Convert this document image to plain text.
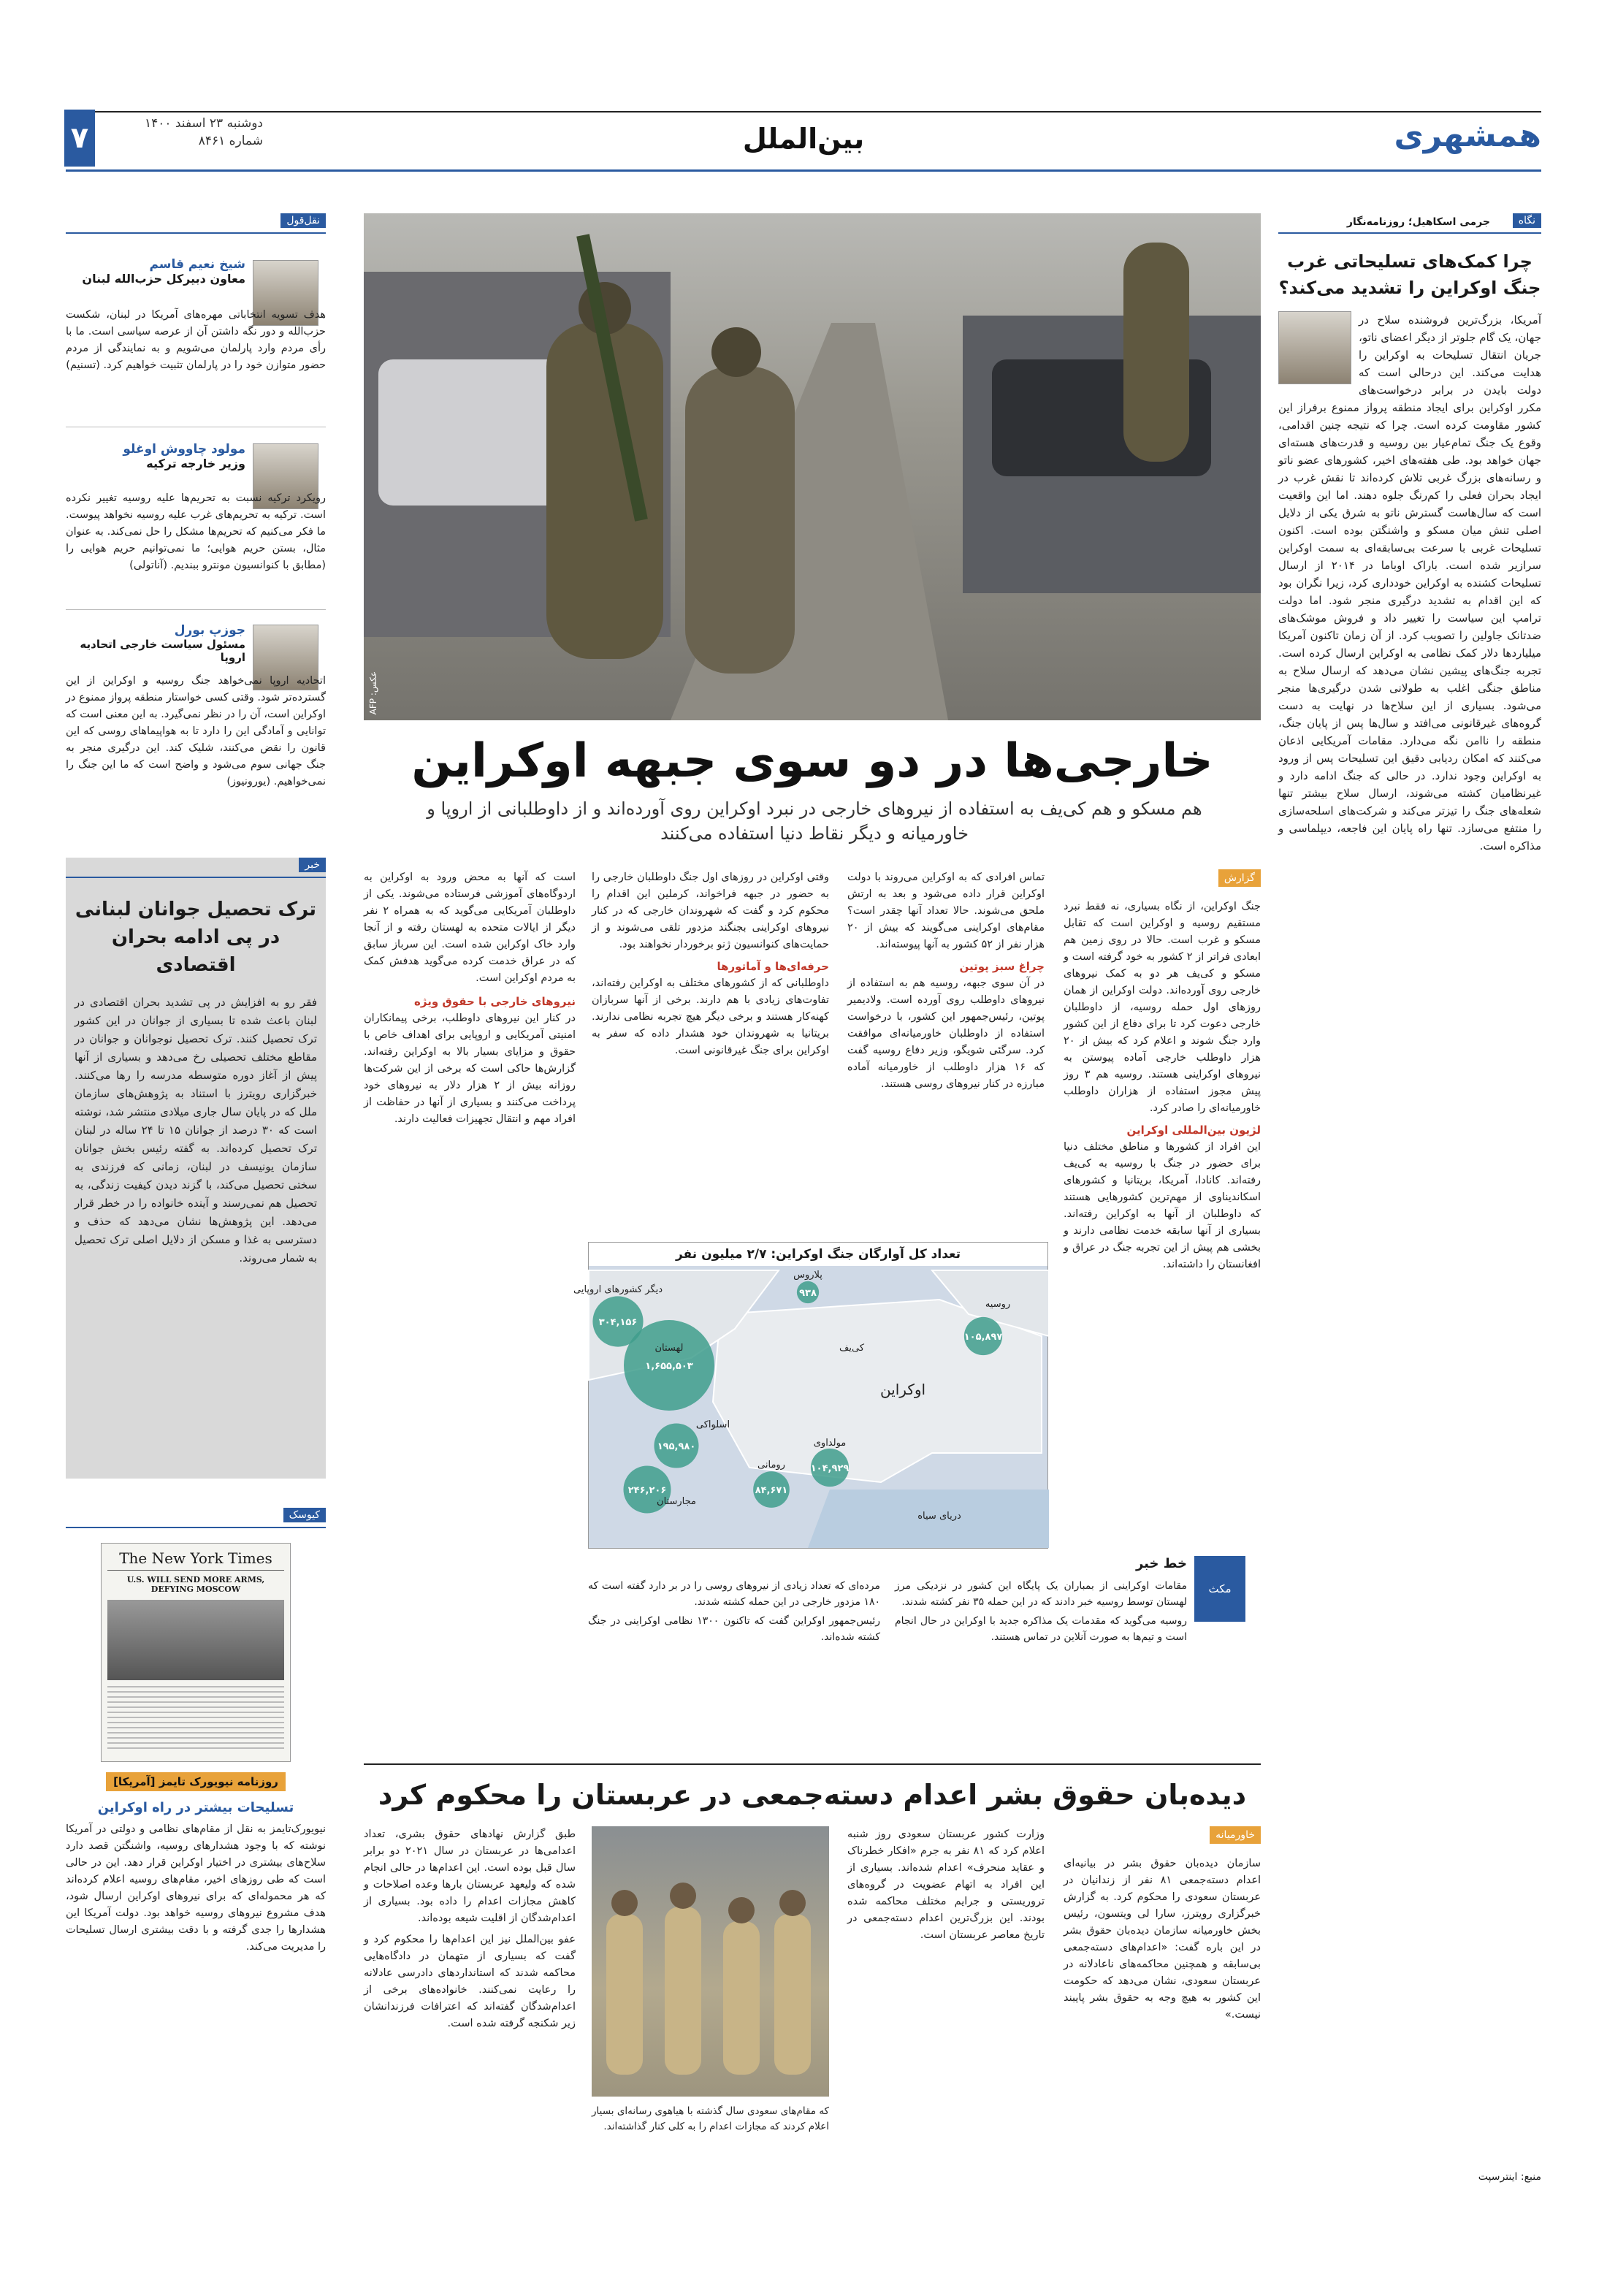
۷	دوشنبه ۲۳ اسفند ۱۴۰۰
شماره ۸۴۶۱	بین‌الملل	همشهری
نقل‌قول
شیخ نعیم قاسم
معاون دبیرکل حزب‌الله لبنان

هدف تسویه انتخاباتی مهره‌های آمریکا در لبنان، شکست حزب‌الله و دور نگه داشتن آن از عرصه سیاسی است. ما با رأی مردم وارد پارلمان می‌شویم و به نمایندگی از مردم حضور متوازن خود را در پارلمان تثبیت خواهیم کرد. (تسنیم)

مولود چاووش اوغلو
وزیر خارجه ترکیه

رویکرد ترکیه نسبت به تحریم‌ها علیه روسیه تغییر نکرده است. ترکیه به تحریم‌های غرب علیه روسیه نخواهد پیوست. ما فکر می‌کنیم که تحریم‌ها مشکل را حل نمی‌کند. به عنوان مثال، بستن حریم هوایی؛ ما نمی‌توانیم حریم هوایی را (مطابق با کنوانسیون مونترو ببندیم. (آناتولی)

جوزپ بورل
مسئول سیاست خارجی اتحادیه اروپا

اتحادیه اروپا نمی‌خواهد جنگ روسیه و اوکراین از این گسترده‌تر شود. وقتی کسی خواستار منطقه پرواز ممنوع در اوکراین است، آن را در نظر نمی‌گیرد. به این معنی است که توانایی و آمادگی این را دارد تا به هواپیماهای روسی که این قانون را نقض می‌کنند، شلیک کند. این درگیری منجر به جنگ جهانی سوم می‌شود و واضح است که ما این جنگ را نمی‌خواهیم. (یورونیوز)

خبر
ترک تحصیل جوانان لبنانی در پی ادامه بحران اقتصادی

فقر رو به افزایش در پی تشدید بحران اقتصادی در لبنان باعث شده تا بسیاری از جوانان در این کشور ترک تحصیل کنند. ترک تحصیل نوجوانان و جوانان در مقاطع مختلف تحصیلی رخ می‌دهد و بسیاری از آنها پیش از آغاز دوره متوسطه مدرسه را رها می‌کنند. خبرگزاری رویترز با استناد به پژوهش‌های سازمان ملل که در پایان سال جاری میلادی منتشر شد، نوشته است که ۳۰ درصد از جوانان ۱۵ تا ۲۴ ساله در لبنان ترک تحصیل کرده‌اند. به گفته رئیس بخش جوانان سازمان یونیسف در لبنان، زمانی که فرزندی به سختی تحصیل می‌کند، با گزند دیدن کیفیت زندگی، به تحصیل هم نمی‌رسند و آینده خانواده را در خطر قرار می‌دهد. این پژوهش‌ها نشان می‌دهد که حذف و دسترسی به غذا و مسکن از دلایل اصلی ترک تحصیل به شمار می‌روند.

کیوسک
The New York Times
U.S. WILL SEND MORE ARMS, DEFYING MOSCOW
روزنامه نیویورک تایمز [آمریکا]
تسلیحات بیشتر در راه اوکراین

نیویورک‌تایمز به نقل از مقام‌های نظامی و دولتی در آمریکا نوشته که با وجود هشدارهای روسیه، واشنگتن قصد دارد سلاح‌های بیشتری در اختیار اوکراین قرار دهد. این در حالی است که طی روزهای اخیر، مقام‌های روسیه اعلام کرده‌اند که هر محموله‌ای که برای نیروهای اوکراین ارسال شود، هدف مشروع نیروهای روسیه خواهد بود. دولت آمریکا این هشدارها را جدی گرفته و با دقت بیشتری ارسال تسلیحات را مدیریت می‌کند.

عکس: AFP
خارجی‌ها در دو سوی جبهه اوکراین
هم مسکو و هم کی‌یف به استفاده از نیروهای خارجی در نبرد اوکراین روی آورده‌اند و از داوطلبانی از اروپا و خاورمیانه و دیگر نقاط دنیا استفاده می‌کنند
گزارش

جنگ اوکراین، از نگاه بسیاری، نه فقط نبرد مستقیم روسیه و اوکراین است که تقابل مسکو و غرب است. حالا در روی زمین هم ابعادی فراتر از ۲ کشور به خود گرفته است و مسکو و کی‌یف هر دو به کمک نیروهای خارجی روی آورده‌اند. دولت اوکراین از همان روزهای اول حمله روسیه، از داوطلبان خارجی دعوت کرد تا برای دفاع از این کشور وارد جنگ شوند و اعلام کرد که بیش از ۲۰ هزار داوطلب خارجی آماده پیوستن به نیروهای اوکراینی هستند. روسیه هم ۳ روز پیش مجوز استفاده از هزاران داوطلب خاورمیانه‌ای را صادر کرد.

لژیون بین‌المللی اوکراین

این افراد از کشورها و مناطق مختلف دنیا برای حضور در جنگ با روسیه به کی‌یف رفته‌اند. کانادا، آمریکا، بریتانیا و کشورهای اسکاندیناوی از مهم‌ترین کشورهایی هستند که داوطلبان از آنها به اوکراین رفته‌اند. بسیاری از آنها سابقه خدمت نظامی دارند و بخشی هم پیش از این تجربه جنگ در عراق و افغانستان را داشته‌اند.

تماس افرادی که به اوکراین می‌روند با دولت اوکراین قرار داده می‌شود و بعد به ارتش ملحق می‌شوند. حالا تعداد آنها چقدر است؟ مقام‌های اوکراینی می‌گویند که بیش از ۲۰ هزار نفر از ۵۲ کشور به آنها پیوسته‌اند.

چراغ سبز پوتین

در آن سوی جبهه، روسیه هم به استفاده از نیروهای داوطلب روی آورده است. ولادیمیر پوتین، رئیس‌جمهور این کشور، با درخواست استفاده از داوطلبان خاورمیانه‌ای موافقت کرد. سرگئی شویگو، وزیر دفاع روسیه گفت که ۱۶ هزار داوطلب از خاورمیانه آماده مبارزه در کنار نیروهای روسی هستند.

وقتی اوکراین در روزهای اول جنگ داوطلبان خارجی را به حضور در جبهه فراخواند، کرملین این اقدام را محکوم کرد و گفت که شهروندان خارجی که در کنار نیروهای اوکراینی بجنگند مزدور تلقی می‌شوند و از حمایت‌های کنوانسیون ژنو برخوردار نخواهند بود.

حرفه‌ای‌ها و آماتورها

داوطلبانی که از کشورهای مختلف به اوکراین رفته‌اند، تفاوت‌های زیادی با هم دارند. برخی از آنها سربازان کهنه‌کار هستند و برخی دیگر هیچ تجربه نظامی ندارند. بریتانیا به شهروندان خود هشدار داده که سفر به اوکراین برای جنگ غیرقانونی است.

است که آنها به محض ورود به اوکراین به اردوگاه‌های آموزشی فرستاده می‌شوند. یکی از داوطلبان آمریکایی می‌گوید که به همراه ۲ نفر دیگر از ایالات متحده به لهستان رفته و از آنجا وارد خاک اوکراین شده است. این سرباز سابق که در عراق خدمت کرده می‌گوید هدفش کمک به مردم اوکراین است.

نیروهای خارجی با حقوق ویژه

در کنار این نیروهای داوطلب، برخی پیمانکاران امنیتی آمریکایی و اروپایی برای اهداف خاص با حقوق و مزایای بسیار بالا به اوکراین رفته‌اند. گزارش‌ها حاکی است که برخی از این شرکت‌ها روزانه بیش از ۲ هزار دلار به نیروهای خود پرداخت می‌کنند و بسیاری از آنها در حفاظت از افراد مهم و انتقال تجهیزات فعالیت دارند.

تعداد کل آوارگان جنگ اوکراین: ۲/۷ میلیون نفر
۱,۶۵۵,۵۰۳
۱۰۵,۸۹۷
۹۳۸
۲۴۶,۲۰۶
۱۹۵,۹۸۰
۸۴,۶۷۱
۱۰۴,۹۲۹
۳۰۴,۱۵۶
روسیه
لهستان
پلاروس
اوکراین
کی‌یف
مولداوی
رومانی
مجارستان
اسلواکی
دیگر کشورهای اروپایی
دریای سیاه
مکث
خط خبر

مقامات اوکراینی از بمباران یک پایگاه این کشور در نزدیکی مرز لهستان توسط روسیه خبر دادند که در این حمله ۳۵ نفر کشته شدند.

مرده‌ای که تعداد زیادی از نیروهای روسی را در بر دارد گفته است که ۱۸۰ مزدور خارجی در این حمله کشته شدند.

روسیه می‌گوید که مقدمات یک مذاکره جدید با اوکراین در حال انجام است و تیم‌ها به صورت آنلاین در تماس هستند.

رئیس‌جمهور اوکراین گفت که تاکنون ۱۳۰۰ نظامی اوکراینی در جنگ کشته شده‌اند.

نگاه
جرمی اسکاهیل؛ روزنامه‌نگار
چرا کمک‌های تسلیحاتی غرب جنگ اوکراین را تشدید می‌کند؟

آمریکا، بزرگ‌ترین فروشنده سلاح در جهان، یک گام جلوتر از دیگر اعضای ناتو، جریان انتقال تسلیحات به اوکراین را هدایت می‌کند. این درحالی است که دولت بایدن در برابر درخواست‌های مکرر اوکراین برای ایجاد منطقه پرواز ممنوع برفراز این کشور مقاومت کرده است. چرا که نتیجه چنین اقدامی، وقوع یک جنگ تمام‌عیار بین روسیه و قدرت‌های هسته‌ای جهان خواهد بود. طی هفته‌های اخیر، کشورهای عضو ناتو و رسانه‌های بزرگ غربی تلاش کرده‌اند تا نقش غرب در ایجاد بحران فعلی را کم‌رنگ جلوه دهند. اما این واقعیت است که سال‌هاست گسترش ناتو به شرق یکی از دلایل اصلی تنش میان مسکو و واشنگتن بوده است. اکنون تسلیحات غربی با سرعت بی‌سابقه‌ای به سمت اوکراین سرازیر شده است. باراک اوباما در ۲۰۱۴ از ارسال تسلیحات کشنده به اوکراین خودداری کرد، زیرا نگران بود که این اقدام به تشدید درگیری منجر شود. اما دولت ترامپ این سیاست را تغییر داد و فروش موشک‌های ضدتانک جاولین را تصویب کرد. از آن زمان تاکنون آمریکا میلیاردها دلار کمک نظامی به اوکراین ارسال کرده است. تجربه جنگ‌های پیشین نشان می‌دهد که ارسال سلاح به مناطق جنگی اغلب به طولانی شدن درگیری‌ها منجر می‌شود. بسیاری از این سلاح‌ها در نهایت به دست گروه‌های غیرقانونی می‌افتد و سال‌ها پس از پایان جنگ، منطقه را ناامن نگه می‌دارد. مقامات آمریکایی اذعان می‌کنند که امکان ردیابی دقیق این تسلیحات پس از ورود به اوکراین وجود ندارد. در حالی که جنگ ادامه دارد و غیرنظامیان کشته می‌شوند، ارسال سلاح بیشتر تنها شعله‌های جنگ را تیزتر می‌کند و شرکت‌های اسلحه‌سازی را منتفع می‌سازد. تنها راه پایان این فاجعه، دیپلماسی و مذاکره است.

منبع: اینترسپت
دیده‌بان حقوق بشر اعدام دسته‌جمعی در عربستان را محکوم کرد
خاورمیانه

سازمان دیده‌بان حقوق بشر در بیانیه‌ای اعدام دسته‌جمعی ۸۱ نفر از زندانیان در عربستان سعودی را محکوم کرد. به گزارش خبرگزاری رویترز، سارا لی ویتسون، رئیس بخش خاورمیانه سازمان دیده‌بان حقوق بشر در این باره گفت: «اعدام‌های دسته‌جمعی بی‌سابقه و همچنین محاکمه‌های ناعادلانه در عربستان سعودی، نشان می‌دهد که حکومت این کشور به هیچ وجه به حقوق بشر پایبند نیست.»

وزارت کشور عربستان سعودی روز شنبه اعلام کرد که ۸۱ نفر به جرم «افکار خطرناک و عقاید منحرف» اعدام شده‌اند. بسیاری از این افراد به اتهام عضویت در گروه‌های تروریستی و جرایم مختلف محاکمه شده بودند. این بزرگ‌ترین اعدام دسته‌جمعی در تاریخ معاصر عربستان است.

که مقام‌های سعودی سال گذشته با هیاهوی رسانه‌ای بسیار اعلام کردند که مجازات اعدام را به کلی کنار گذاشته‌اند.

طبق گزارش نهادهای حقوق بشری، تعداد اعدامی‌ها در عربستان در سال ۲۰۲۱ دو برابر سال قبل بوده است. این اعدام‌ها در حالی انجام شده که ولیعهد عربستان بارها وعده اصلاحات و کاهش مجازات اعدام را داده بود. بسیاری از اعدام‌شدگان از اقلیت شیعه بوده‌اند.

عفو بین‌الملل نیز این اعدام‌ها را محکوم کرد و گفت که بسیاری از متهمان در دادگاه‌هایی محاکمه شدند که استانداردهای دادرسی عادلانه را رعایت نمی‌کنند. خانواده‌های برخی از اعدام‌شدگان گفته‌اند که اعترافات فرزندانشان زیر شکنجه گرفته شده است.
